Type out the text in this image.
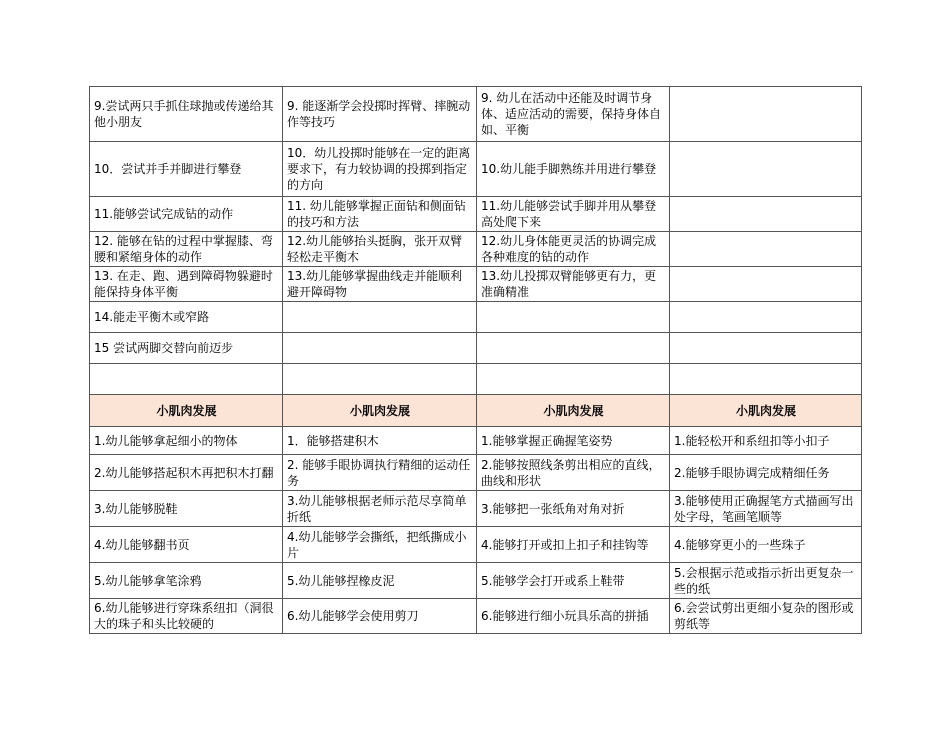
9.尝试两只手抓住球抛或传递给其他小朋友	9. 能逐渐学会投掷时挥臂、摔腕动作等技巧	9. 幼儿在活动中还能及时调节身体、适应活动的需要，保持身体自如、平衡	
10．尝试并手并脚进行攀登	10．幼儿投掷时能够在一定的距离要求下，有力较协调的投掷到指定的方向	10.幼儿能手脚熟练并用进行攀登	
11.能够尝试完成钻的动作	11. 幼儿能够掌握正面钻和侧面钻的技巧和方法	11.幼儿能够尝试手脚并用从攀登高处爬下来	
12. 能够在钻的过程中掌握膝、弯腰和紧缩身体的动作	12.幼儿能够抬头挺胸，张开双臂轻松走平衡木	12.幼儿身体能更灵活的协调完成各种难度的钻的动作	
13. 在走、跑、遇到障碍物躲避时能保持身体平衡	13.幼儿能够掌握曲线走并能顺利避开障碍物	13.幼儿投掷双臂能够更有力，更准确精准	
14.能走平衡木或窄路			
15 尝试两脚交替向前迈步			

小肌肉发展	小肌肉发展	小肌肉发展	小肌肉发展
1.幼儿能够拿起细小的物体	1．能够搭建积木	1.能够掌握正确握笔姿势	1.能轻松开和系纽扣等小扣子
2.幼儿能够搭起积木再把积木打翻	2. 能够手眼协调执行精细的运动任务	2.能够按照线条剪出相应的直线，曲线和形状	2.能够手眼协调完成精细任务
3.幼儿能够脱鞋	3.幼儿能够根据老师示范尽享简单折纸	3.能够把一张纸角对角对折	3.能够使用正确握笔方式描画写出处字母，笔画笔顺等
4.幼儿能够翻书页	4.幼儿能够学会撕纸，把纸撕成小片	4.能够打开或扣上扣子和挂钩等	4.能够穿更小的一些珠子
5.幼儿能够拿笔涂鸦	5.幼儿能够捏橡皮泥	5.能够学会打开或系上鞋带	5.会根据示范或指示折出更复杂一些的纸
6.幼儿能够进行穿珠系纽扣（洞很大的珠子和头比较硬的	6.幼儿能够学会使用剪刀	6.能够进行细小玩具乐高的拼插	6.会尝试剪出更细小复杂的图形或剪纸等
